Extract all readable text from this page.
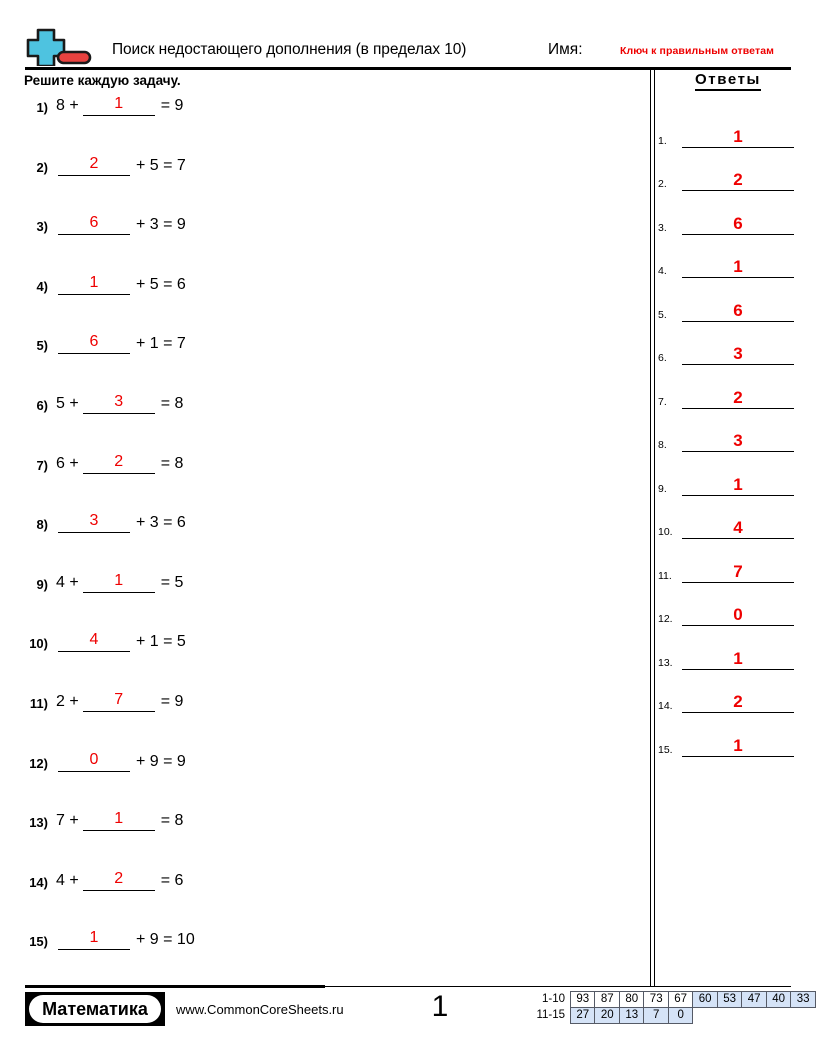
Поиск недостающего дополнения (в пределах 10)	Имя:	Ключ к правильным ответам
Решите каждую задачу.
1) 8 +	1	= 9
2)	2	+ 5 = 7
3)	6	+ 3 = 9
4)	1	+ 5 = 6
5)	6	+ 1 = 7
6) 5 +	3	= 8
7) 6 +	2	= 8
8)	3	+ 3 = 6
9) 4 +	1	= 5
10)	4	+ 1 = 5
11) 2 +	7	= 9
12)	0	+ 9 = 9
13) 7 +	1	= 8
14) 4 +	2	= 6
15)	1	+ 9 = 10
Ответы
1.	1
2.	2
3.	6
4.	1
5.	6
6.	3
7.	2
8.	3
9.	1
10.	4
11.	7
12.	0
13.	1
14.	2
15.	1
Математика	www.CommonCoreSheets.ru	1	1-10	93	87	80	73	67	60	53	47	40	33
11-15	27	20	13	7	0					
